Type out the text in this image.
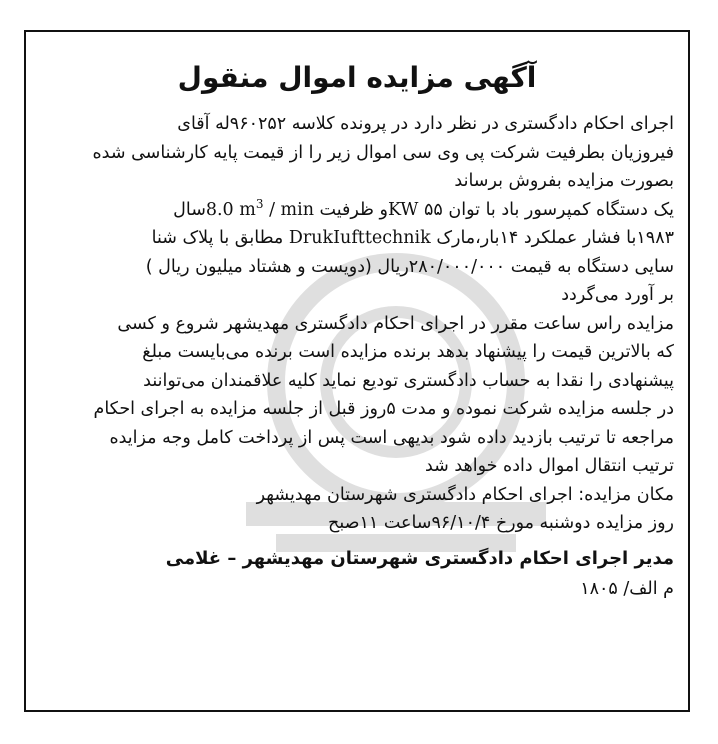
آگهی مزایده اموال منقول

اجرای احکام دادگستری در نظر دارد در پرونده کلاسه ۹۶۰۲۵۲له آقای
فیروزیان بطرفیت شرکت پی وی سی اموال زیر را از قیمت پایه کارشناسی شده
بصورت مزایده بفروش برساند

یک دستگاه کمپرسور باد با توان ۵۵ KWو ظرفیت 8.0 $m^3$ / minسال
۱۹۸۳با فشار عملکرد ۱۴بار،مارک DrukIufttechnik مطابق با پلاک شنا
سایی دستگاه به قیمت ۲۸۰/۰۰۰/۰۰۰ریال (دویست و هشتاد میلیون ریال )
بر آورد می‌گردد

مزایده راس ساعت مقرر در اجرای احکام دادگستری مهدیشهر شروع و کسی
که بالاترین قیمت را پیشنهاد بدهد برنده مزایده است برنده می‌بایست مبلغ
پیشنهادی را نقدا به حساب دادگستری تودیع نماید کلیه علاقمندان می‌توانند
در جلسه مزایده شرکت نموده و مدت ۵روز قبل از جلسه مزایده به اجرای احکام
مراجعه تا ترتیب بازدید داده شود بدیهی است پس از پرداخت کامل وجه مزایده
ترتیب انتقال اموال داده خواهد شد

مکان مزایده: اجرای احکام دادگستری شهرستان مهدیشهر
روز مزایده دوشنبه مورخ ۹۶/۱۰/۴ساعت ۱۱صبح

مدیر اجرای احکام دادگستری شهرستان مهدیشهر – غلامی
م الف/ ۱۸۰۵
